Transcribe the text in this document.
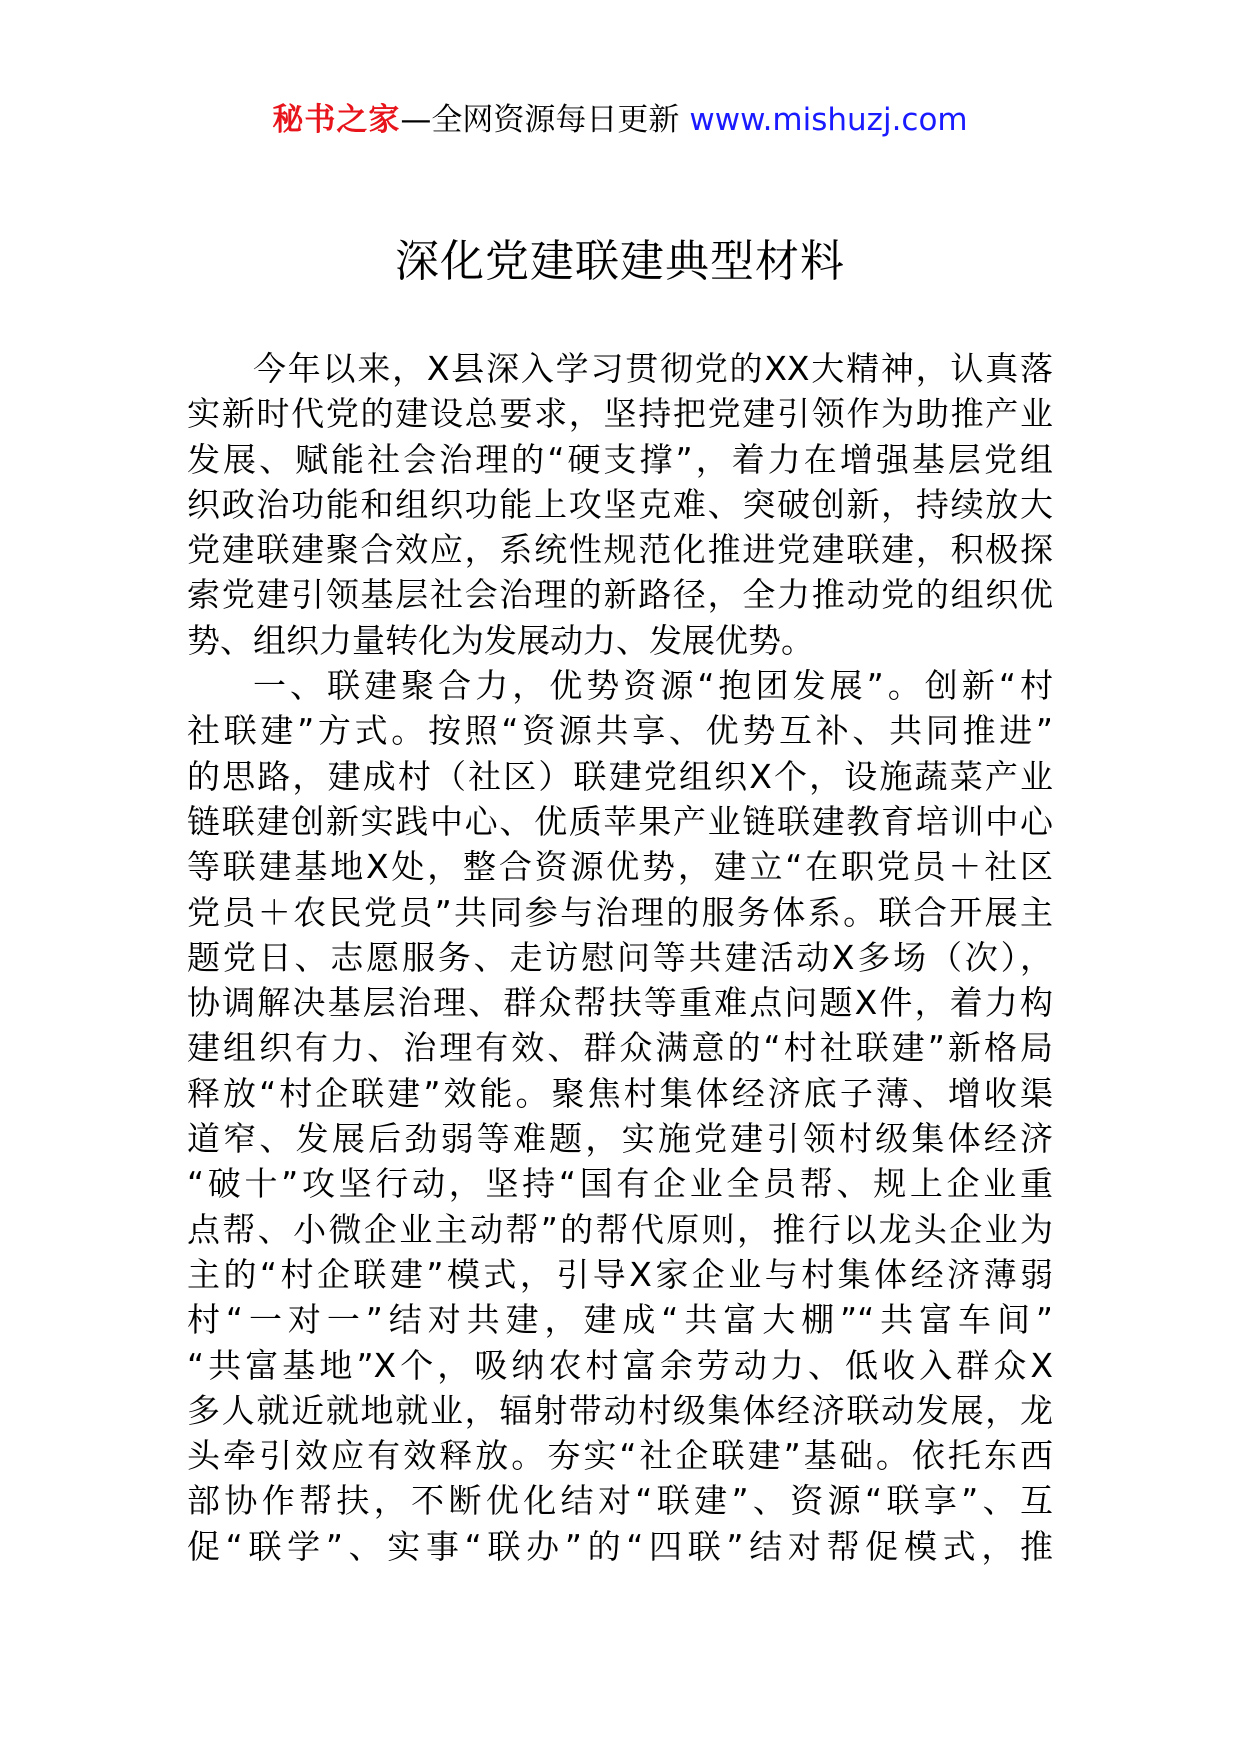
秘书之家—全网资源每日更新 www.mishuzj.com
深化党建联建典型材料
今年以来，X县深入学习贯彻党的XX大精神，认真落
实新时代党的建设总要求，坚持把党建引领作为助推产业
发展、赋能社会治理的“硬支撑”，着力在增强基层党组
织政治功能和组织功能上攻坚克难、突破创新，持续放大
党建联建聚合效应，系统性规范化推进党建联建，积极探
索党建引领基层社会治理的新路径，全力推动党的组织优
势、组织力量转化为发展动力、发展优势。
一、联建聚合力，优势资源“抱团发展”。创新“村
社联建”方式。按照“资源共享、优势互补、共同推进”
的思路，建成村（社区）联建党组织X个，设施蔬菜产业
链联建创新实践中心、优质苹果产业链联建教育培训中心
等联建基地X处，整合资源优势，建立“在职党员＋社区
党员＋农民党员”共同参与治理的服务体系。联合开展主
题党日、志愿服务、走访慰问等共建活动X多场（次），
协调解决基层治理、群众帮扶等重难点问题X件，着力构
建组织有力、治理有效、群众满意的“村社联建”新格局
释放“村企联建”效能。聚焦村集体经济底子薄、增收渠
道窄、发展后劲弱等难题，实施党建引领村级集体经济
“破十”攻坚行动，坚持“国有企业全员帮、规上企业重
点帮、小微企业主动帮”的帮代原则，推行以龙头企业为
主的“村企联建”模式，引导X家企业与村集体经济薄弱
村“一对一”结对共建，建成“共富大棚”“共富车间”
“共富基地”X个，吸纳农村富余劳动力、低收入群众X
多人就近就地就业，辐射带动村级集体经济联动发展，龙
头牵引效应有效释放。夯实“社企联建”基础。依托东西
部协作帮扶，不断优化结对“联建”、资源“联享”、互
促“联学”、实事“联办”的“四联”结对帮促模式，推
